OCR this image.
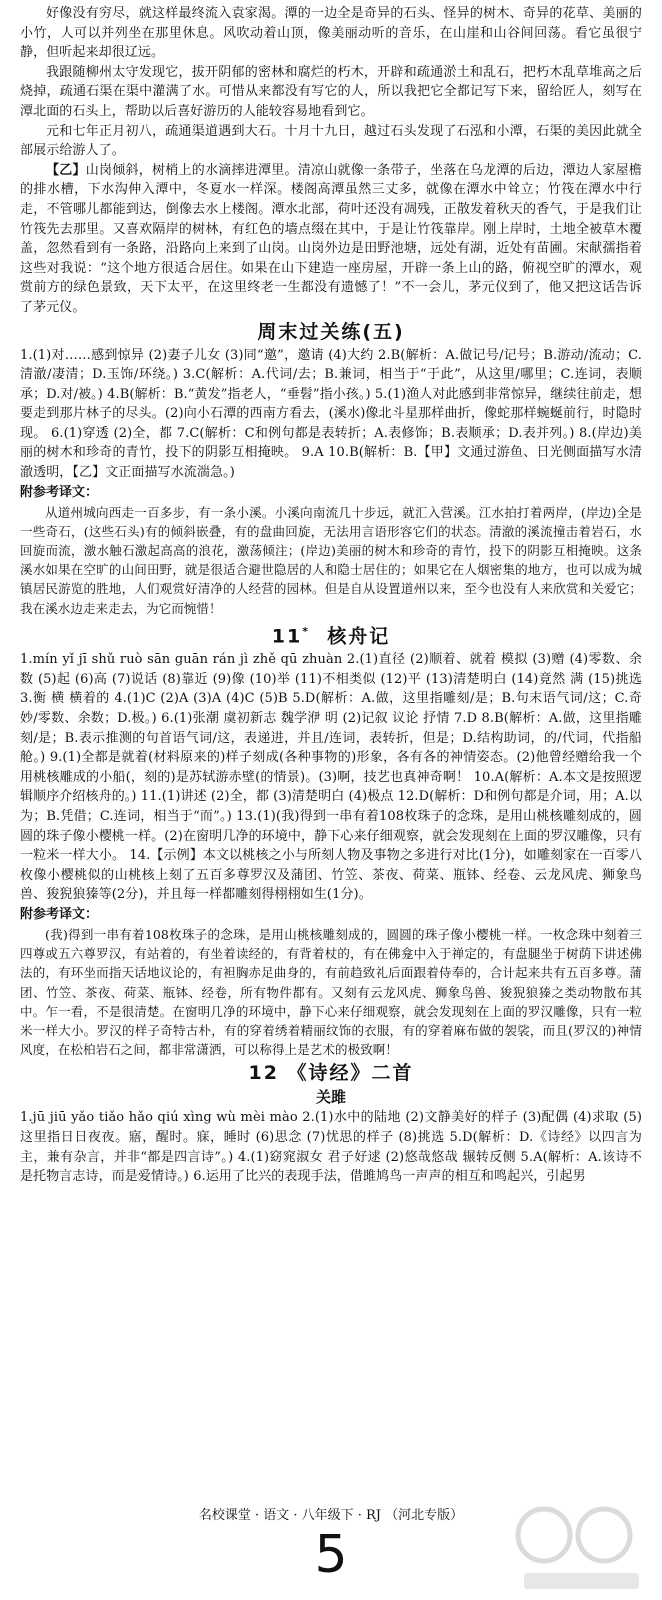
好像没有穷尽，就这样最终流入袁家渴。潭的一边全是奇异的石头、怪异的树木、奇异的花草、美丽的小竹，人可以并列坐在那里休息。风吹动着山顶，像美丽动听的音乐，在山崖和山谷间回荡。看它虽很宁静，但听起来却很辽远。

我跟随柳州太守发现它，拔开阴郁的密林和腐烂的朽木，开辟和疏通淤土和乱石，把朽木乱草堆高之后烧掉，疏通石渠在渠中灌满了水。可惜从来都没有写它的人，所以我把它全都记写下来，留给匠人，刻写在潭北面的石头上，帮助以后喜好游历的人能较容易地看到它。

元和七年正月初八，疏通渠道遇到大石。十月十九日，越过石头发现了石泓和小潭，石渠的美因此就全部展示给游人了。

【乙】山岗倾斜，树梢上的水滴摔进潭里。清凉山就像一条带子，坐落在乌龙潭的后边，潭边人家屋檐的排水槽，下水沟伸入潭中，冬夏水一样深。楼阁高潭虽然三丈多，就像在潭水中耸立；竹筏在潭水中行走，不管哪儿都能到达，倒像去水上楼阁。潭水北部，荷叶还没有凋残，正散发着秋天的香气，于是我们让竹筏先去那里。又喜欢隔岸的树林，有红色的墙点缀在其中，于是让竹筏靠岸。刚上岸时，土地全被草木覆盖，忽然看到有一条路，沿路向上来到了山岗。山岗外边是田野池塘，远处有湖，近处有苗圃。宋献孺指着这些对我说：“这个地方很适合居住。如果在山下建造一座房屋，开辟一条上山的路，俯视空旷的潭水，观赏前方的绿色景致，天下太平，在这里终老一生都没有遗憾了！”不一会儿，茅元仪到了，他又把这话告诉了茅元仪。

周末过关练(五)

1.(1)对……感到惊异 (2)妻子儿女 (3)同“邀”，邀请 (4)大约 2.B(解析：A.做记号/记号；B.游动/流动；C.清澈/凄清；D.玉饰/环绕。) 3.C(解析：A.代词/去；B.兼词，相当于“于此”，从这里/哪里；C.连词，表顺承；D.对/被。) 4.B(解析：B.“黄发”指老人，“垂髫”指小孩。) 5.(1)渔人对此感到非常惊异，继续往前走，想要走到那片林子的尽头。(2)向小石潭的西南方看去，(溪水)像北斗星那样曲折，像蛇那样蜿蜒前行，时隐时现。 6.(1)穿透 (2)全，都 7.C(解析：C和例句都是表转折；A.表修饰；B.表顺承；D.表并列。) 8.(岸边)美丽的树木和珍奇的青竹，投下的阴影互相掩映。 9.A 10.B(解析：B.【甲】文通过游鱼、日光侧面描写水清澈透明，【乙】文正面描写水流湍急。)

附参考译文：

从道州城向西走一百多步，有一条小溪。小溪向南流几十步远，就汇入营溪。江水拍打着两岸，(岸边)全是一些奇石，(这些石头)有的倾斜嵌叠，有的盘曲回旋，无法用言语形容它们的状态。清澈的溪流撞击着岩石，水回旋而流，激水触石激起高高的浪花，激荡倾注；(岸边)美丽的树木和珍奇的青竹，投下的阴影互相掩映。这条溪水如果在空旷的山间田野，就是很适合避世隐居的人和隐士居住的；如果它在人烟密集的地方，也可以成为城镇居民游览的胜地，人们观赏好清净的人经营的园林。但是自从设置道州以来，至今也没有人来欣赏和关爱它；我在溪水边走来走去，为它而惋惜！

11* 核舟记

1.mín yǐ jī shǔ ruò sān guān rán jì zhě qū zhuàn 2.(1)直径 (2)顺着、就着 模拟 (3)赠 (4)零数、余数 (5)起 (6)高 (7)说话 (8)靠近 (9)像 (10)举 (11)不相类似 (12)平 (13)清楚明白 (14)竟然 满 (15)挑选 3.衡 横 横着的 4.(1)C (2)A (3)A (4)C (5)B 5.D(解析：A.做，这里指雕刻/是；B.句末语气词/这；C.奇妙/零数、余数；D.极。) 6.(1)张潮 虞初新志 魏学洢 明 (2)记叙 议论 抒情 7.D 8.B(解析：A.做，这里指雕刻/是；B.表示推测的句首语气词/这，表递进，并且/连词，表转折，但是；D.结构助词，的/代词，代指船舱。) 9.(1)全都是就着(材料原来的)样子刻成(各种事物的)形象，各有各的神情姿态。(2)他曾经赠给我一个用桃核雕成的小船(，刻的)是苏轼游赤壁(的情景)。(3)啊，技艺也真神奇啊！ 10.A(解析：A.本文是按照逻辑顺序介绍核舟的。) 11.(1)讲述 (2)全，都 (3)清楚明白 (4)极点 12.D(解析：D和例句都是介词，用；A.以为；B.凭借；C.连词，相当于“而”。) 13.(1)(我)得到一串有着108枚珠子的念珠，是用山桃核雕刻成的，圆圆的珠子像小樱桃一样。(2)在窗明几净的环境中，静下心来仔细观察，就会发现刻在上面的罗汉雕像，只有一粒米一样大小。 14.【示例】本文以桃核之小与所刻人物及事物之多进行对比(1分)，如雕刻家在一百零八枚像小樱桃似的山桃核上刻了五百多尊罗汉及蒲团、竹笠、茶夜、荷菜、瓶钵、经卷、云龙风虎、狮象鸟兽、狻猊狼獉等(2分)，并且每一样都雕刻得栩栩如生(1分)。

附参考译文：

(我)得到一串有着108枚珠子的念珠，是用山桃核雕刻成的，圆圆的珠子像小樱桃一样。一枚念珠中刻着三四尊或五六尊罗汉，有站着的，有坐着读经的，有背着杖的，有在佛龛中入于禅定的，有盘腿坐于树荫下讲述佛法的，有环坐而指天话地议论的，有袒胸赤足曲身的，有前趋致礼后面跟着侍奉的，合计起来共有五百多尊。蒲团、竹笠、茶夜、荷菜、瓶钵、经卷，所有物件都有。又刻有云龙风虎、狮象鸟兽、狻猊狼獉之类动物散布其中。乍一看，不是很清楚。在窗明几净的环境中，静下心来仔细观察，就会发现刻在上面的罗汉雕像，只有一粒米一样大小。罗汉的样子奇特古朴，有的穿着绣着精丽纹饰的衣服，有的穿着麻布做的袈裟，而且(罗汉的)神情风度，在松柏岩石之间，都非常潇洒，可以称得上是艺术的极致啊！

12 《诗经》二首
关雎

1.jū jiū yǎo tiǎo hǎo qiú xìng wù mèi mào 2.(1)水中的陆地 (2)文静美好的样子 (3)配偶 (4)求取 (5)这里指日日夜夜。寤，醒时。寐，睡时 (6)思念 (7)忧思的样子 (8)挑选 5.D(解析：D.《诗经》以四言为主，兼有杂言，并非“都是四言诗”。) 4.(1)窈窕淑女 君子好逑 (2)悠哉悠哉 辗转反侧 5.A(解析：A.该诗不是托物言志诗，而是爱情诗。) 6.运用了比兴的表现手法，借雎鸠鸟一声声的相互和鸣起兴，引起男

名校课堂 · 语文 · 八年级下 · RJ （河北专版）
5
